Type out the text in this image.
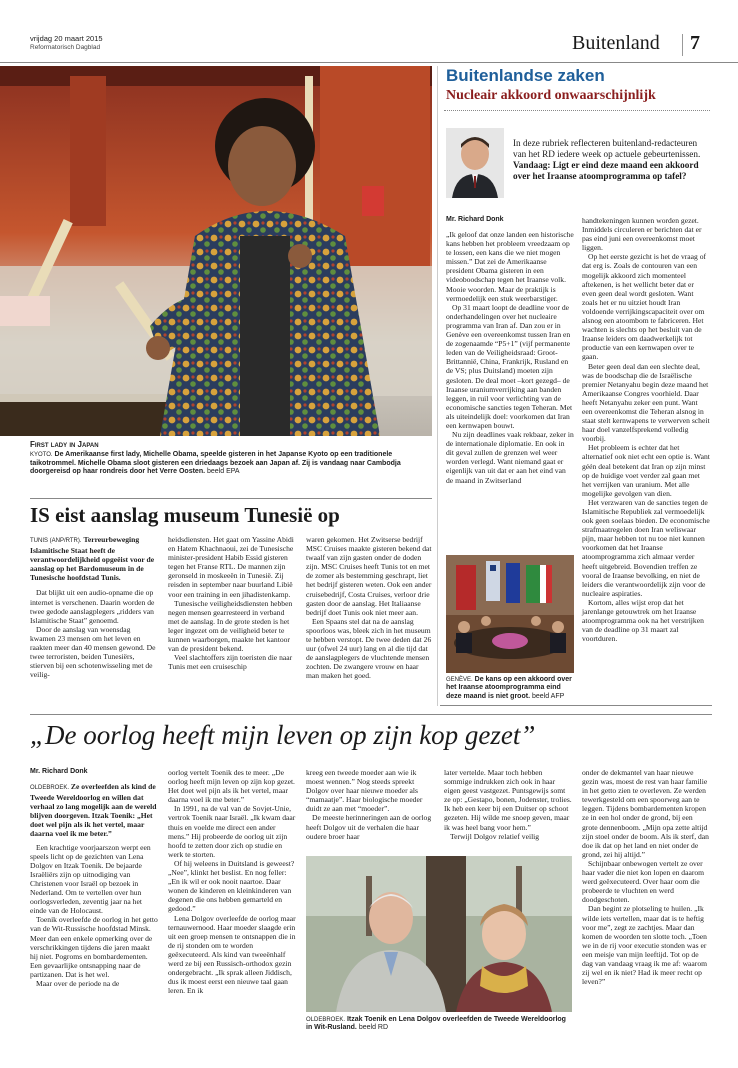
vrijdag 20 maart 2015
Reformatorisch Dagblad	Buitenland 7
First lady in Japan
KYOTO. De Amerikaanse first lady, Michelle Obama, speelde gisteren in het Japanse Kyoto op een traditionele taikotrommel. Michelle Obama sloot gisteren een driedaags bezoek aan Japan af. Zij is vandaag naar Cambodja doorgereisd op haar rondreis door het Verre Oosten. beeld EPA
IS eist aanslag museum Tunesië op

TUNIS (ANP/RTR). Terreurbeweging Islamitische Staat heeft de verantwoordelijkheid opgeëist voor de aanslag op het Bardomuseum in de Tunesische hoofdstad Tunis.

Dat blijkt uit een audio-opname die op internet is verschenen. Daarin worden de twee gedode aanslagplegers „ridders van Islamitische Staat” genoemd.

Door de aanslag van woensdag kwamen 23 mensen om het leven en raakten meer dan 40 mensen gewond. De twee terroristen, beiden Tunesiërs, stierven bij een schotenwisseling met de veilig-

heidsdiensten. Het gaat om Yassine Abidi en Hatem Khachnaoui, zei de Tunesische minister-president Habib Essid gisteren tegen het Franse RTL. De mannen zijn geronseld in moskeeën in Tunesië. Zij reisden in september naar buurland Libië voor een training in een jihadistenkamp.

Tunesische veiligheidsdiensten hebben negen mensen gearresteerd in verband met de aanslag. In de grote steden is het leger ingezet om de veiligheid beter te kunnen waarborgen, maakte het kantoor van de president bekend.

Veel slachtoffers zijn toeristen die naar Tunis met een cruiseschip

waren gekomen. Het Zwitserse bedrijf MSC Cruises maakte gisteren bekend dat twaalf van zijn gasten onder de doden zijn. MSC Cruises heeft Tunis tot en met de zomer als bestemming geschrapt, liet het bedrijf gisteren weten. Ook een ander cruisebedrijf, Costa Cruises, verloor drie gasten door de aanslag. Het Italiaanse bedrijf doet Tunis ook niet meer aan.

Een Spaans stel dat na de aanslag spoorloos was, bleek zich in het museum te hebben verstopt. De twee deden dat 26 uur (ofwel 24 uur) lang en al die tijd dat de aanslagplegers de vluchtende mensen zochten. De zwangere vrouw en haar man maken het goed.

Buitenlandse zaken
Nucleair akkoord onwaarschijnlijk
In deze rubriek reflecteren buitenland-redacteuren van het RD iedere week op actuele gebeurtenissen. Vandaag: Ligt er eind deze maand een akkoord over het Iraanse atoomprogramma op tafel?
Mr. Richard Donk

„Ik geloof dat onze landen een historische kans hebben het probleem vreedzaam op te lossen, een kans die we niet mogen missen.” Dat zei de Amerikaanse president Obama gisteren in een videoboodschap tegen het Iraanse volk. Mooie woorden. Maar de praktijk is vermoedelijk een stuk weerbarstiger.

Op 31 maart loopt de deadline voor de onderhandelingen over het nucleaire programma van Iran af. Dan zou er in Genève een overeenkomst tussen Iran en de zogenaamde “P5+1” (vijf permanente leden van de Veiligheidsraad: Groot-Brittannië, China, Frankrijk, Rusland en de VS; plus Duitsland) moeten zijn gesloten. De deal moet –kort gezegd– de Iraanse uraniumverrijking aan banden leggen, in ruil voor verlichting van de economische sancties tegen Teheran. Met als uiteindelijk doel: voorkomen dat Iran een kernwapen bouwt.

Nu zijn deadlines vaak rekbaar, zeker in de internationale diplomatie. En ook in dit geval zullen de grenzen wel weer worden verlegd. Want niemand gaat er eigenlijk van uit dat er aan het eind van de maand in Zwitserland

GENÈVE. De kans op een akkoord over het Iraanse atoomprogramma eind deze maand is niet groot. beeld AFP

handtekeningen kunnen worden gezet. Inmiddels circuleren er berichten dat er pas eind juni een overeenkomst moet liggen.

Op het eerste gezicht is het de vraag of dat erg is. Zoals de contouren van een mogelijk akkoord zich momenteel aftekenen, is het wellicht beter dat er even geen deal wordt gesloten. Want zoals het er nu uitziet houdt Iran voldoende verrijkingscapaciteit over om alsnog een atoombom te fabriceren. Het wachten is slechts op het besluit van de Iraanse leiders om daadwerkelijk tot productie van een kernwapen over te gaan.

Beter geen deal dan een slechte deal, was de boodschap die de Israëlische premier Netanyahu begin deze maand het Amerikaanse Congres voorhield. Daar heeft Netanyahu zeker een punt. Want een overeenkomst die Teheran alsnog in staat stelt kernwapens te verwerven scheit haar doel vanzelfsprekend volledig voorbij.

Het probleem is echter dat het alternatief ook niet echt een optie is. Want géén deal betekent dat Iran op zijn minst op de huidige voet verder zal gaan met het verrijken van uranium. Met alle mogelijke gevolgen van dien.

Het verzwaren van de sancties tegen de Islamitische Republiek zal vermoedelijk ook geen soelaas bieden. De economische strafmaatregelen doen Iran weliswaar pijn, maar hebben tot nu toe niet kunnen voorkomen dat het Iraanse atoomprogramma zich almaar verder heeft uitgebreid. Bovendien treffen ze vooral de Iraanse bevolking, en niet de leiders die verantwoordelijk zijn voor de nucleaire aspiraties.

Kortom, alles wijst erop dat het jarenlange getouwtrek om het Iraanse atoomprogramma ook na het verstrijken van de deadline op 31 maart zal voortduren.

„De oorlog heeft mijn leven op zijn kop gezet”
Mr. Richard Donk

OLDEBROEK. Ze overleefden als kind de Tweede Wereldoorlog en willen dat verhaal zo lang mogelijk aan de wereld blijven doorgeven. Itzak Toenik: „Het doet wel pijn als ik het vertel, maar daarna voel ik me beter.”

Een krachtige voorjaarszon werpt een speels licht op de gezichten van Lena Dolgov en Itzak Toenik. De bejaarde Israëliërs zijn op uitnodiging van Christenen voor Israël op bezoek in Nederland. Om te vertellen over hun oorlogsverleden, zeventig jaar na het einde van de Holocaust.

Toenik overleefde de oorlog in het getto van de Wit-Russische hoofdstad Minsk. Meer dan een enkele opmerking over de verschrikkingen tijdens die jaren maakt hij niet. Pogroms en bombardementen. Een gevaarlijke ontsnapping naar de partizanen. Dat is het wel.

Maar over de periode na de

oorlog vertelt Toenik des te meer. „De oorlog heeft mijn leven op zijn kop gezet. Het doet wel pijn als ik het vertel, maar daarna voel ik me beter.”

In 1991, na de val van de Sovjet-Unie, vertrok Toenik naar Israël. „Ik kwam daar thuis en voelde me direct een ander mens.” Hij probeerde de oorlog uit zijn hoofd te zetten door zich op studie en werk te storten.

Of hij weleens in Duitsland is geweest? „Nee”, klinkt het beslist. En nog feller: „En ik wil er ook nooit naartoe. Daar wonen de kinderen en kleinkinderen van degenen die ons hebben gemarteld en gedood.”

Lena Dolgov overleefde de oorlog maar ternauwernood. Haar moeder slaagde erin uit een groep mensen te ontsnappen die in de rij stonden om te worden geëxecuteerd. Als kind van tweeënhalf werd ze bij een Russisch-orthodox gezin ondergebracht. „Ik sprak alleen Jiddisch, dus ik moest eerst een nieuwe taal gaan leren. En ik

kreeg een tweede moeder aan wie ik moest wennen.” Nog steeds spreekt Dolgov over haar nieuwe moeder als “mamaatje”. Haar biologische moeder duidt ze aan met “moeder”.

De meeste herinneringen aan de oorlog heeft Dolgov uit de verhalen die haar oudere broer haar

later vertelde. Maar toch hebben sommige indrukken zich ook in haar eigen geest vastgezet. Puntsgewijs somt ze op: „Gestapo, bonen, Jodenster, trolies. Ik heb een keer bij een Duitser op schoot gezeten. Hij wilde me snoep geven, maar ik was heel bang voor hem.”

Terwijl Dolgov relatief veilig

onder de dekmantel van haar nieuwe gezin was, moest de rest van haar familie in het getto zien te overleven. Ze werden tewerkgesteld om een spoorweg aan te leggen. Tijdens bombardementen kropen ze in een hol onder de grond, bij een grote dennenboom. „Mijn opa zette altijd zijn stoel onder de boom. Als ik sterf, dan doe ik dat op het land en niet onder de grond, zei hij altijd.”

Schijnbaar onbewogen vertelt ze over haar vader die niet kon lopen en daarom werd geëxecuteerd. Over haar oom die probeerde te vluchten en werd doodgeschoten.

Dan begint ze plotseling te huilen. „Ik wilde iets vertellen, maar dat is te heftig voor me”, zegt ze zachtjes. Maar dan komen de woorden ten slotte toch. „Toen we in de rij voor executie stonden was er een meisje van mijn leeftijd. Tot op de dag van vandaag vraag ik me af: waarom zij wel en ik niet? Had ik meer recht op leven?”

OLDEBROEK. Itzak Toenik en Lena Dolgov overleefden de Tweede Wereldoorlog in Wit-Rusland. beeld RD
